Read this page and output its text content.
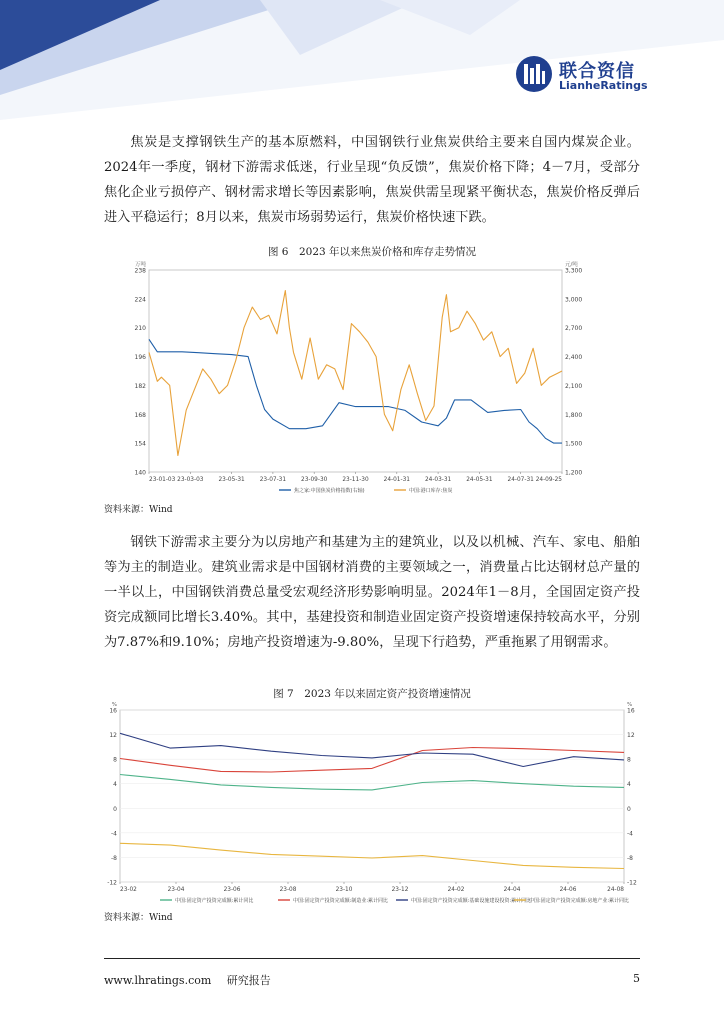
联合资信
LianheRatings

焦炭是支撑钢铁生产的基本原燃料，中国钢铁行业焦炭供给主要来自国内煤炭企业。2024年一季度，钢材下游需求低迷，行业呈现“负反馈”，焦炭价格下降；4－7月，受部分焦化企业亏损停产、钢材需求增长等因素影响，焦炭供需呈现紧平衡状态，焦炭价格反弹后进入平稳运行；8月以来，焦炭市场弱势运行，焦炭价格快速下跌。

图 6　2023 年以来焦炭价格和库存走势情况
238
224
210
196
182
168
154
140
3,300
3,000
2,700
2,400
2,100
1,800
1,500
1,200
万吨	元/吨
23-01-03 23-03-03	23-05-31	23-07-31	23-09-30	23-11-30	24-01-31	24-03-31	24-05-31	24-07-31 24-09-25
焦之家:中国焦炭价格指数(右轴)	中国:港口库存:焦炭
资料来源：Wind

钢铁下游需求主要分为以房地产和基建为主的建筑业，以及以机械、汽车、家电、船舶等为主的制造业。建筑业需求是中国钢材消费的主要领域之一，消费量占比达钢材总产量的一半以上，中国钢铁消费总量受宏观经济形势影响明显。2024年1－8月，全国固定资产投资完成额同比增长3.40%。其中，基建投资和制造业固定资产投资增速保持较高水平，分别为7.87%和9.10%；房地产投资增速为-9.80%，呈现下行趋势，严重拖累了用钢需求。

图 7　2023 年以来固定资产投资增速情况
16
12
8
4
0
-4
-8
-12
16
12
8
4
0
-4
-8
-12
%	%
23-02	23-04	23-06	23-08	23-10	23-12	24-02	24-04	24-06	24-08
中国:固定资产投资完成额:累计同比	中国:固定资产投资完成额:制造业:累计同比	中国:固定资产投资完成额:基础设施建设投资:累计同比
中国:固定资产投资完成额:房地产业:累计同比
资料来源：Wind
www.lhratings.com 研究报告	5
